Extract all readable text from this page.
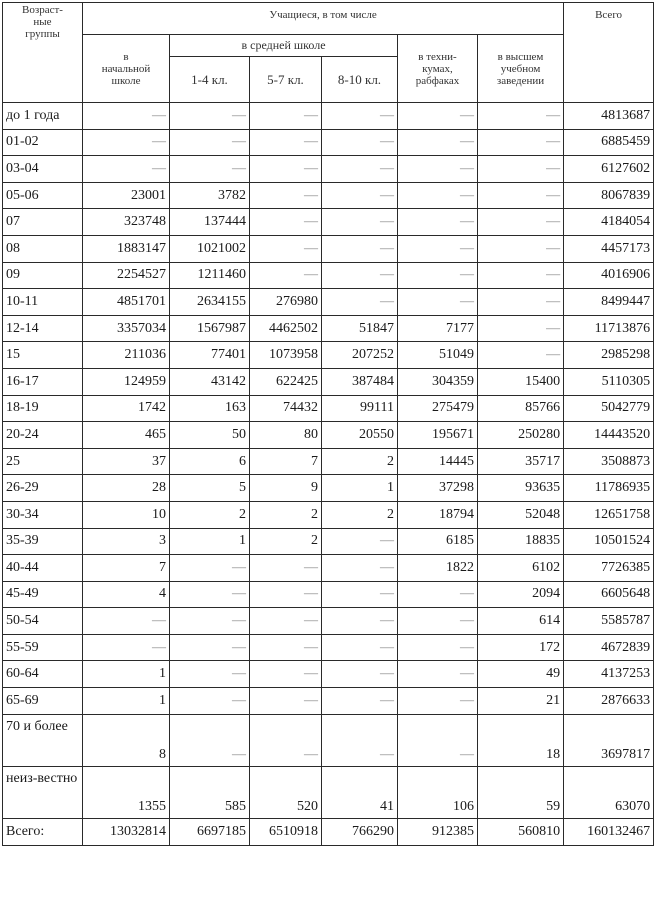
Возраст-
ные
группы	Учащиеся, в том числе						Всего
	в
начальной
школе	в средней школе			в техни-
кумах,
рабфаках	в высшем
учебном
заведении	
		1-4 кл.	5-7 кл.	8-10 кл.			
до 1 года	—	—	—	—	—	—	4813687
01-02	—	—	—	—	—	—	6885459
03-04	—	—	—	—	—	—	6127602
05-06	23001	3782	—	—	—	—	8067839
07	323748	137444	—	—	—	—	4184054
08	1883147	1021002	—	—	—	—	4457173
09	2254527	1211460	—	—	—	—	4016906
10-11	4851701	2634155	276980	—	—	—	8499447
12-14	3357034	1567987	4462502	51847	7177	—	11713876
15	211036	77401	1073958	207252	51049	—	2985298
16-17	124959	43142	622425	387484	304359	15400	5110305
18-19	1742	163	74432	99111	275479	85766	5042779
20-24	465	50	80	20550	195671	250280	14443520
25	37	6	7	2	14445	35717	3508873
26-29	28	5	9	1	37298	93635	11786935
30-34	10	2	2	2	18794	52048	12651758
35-39	3	1	2	—	6185	18835	10501524
40-44	7	—	—	—	1822	6102	7726385
45-49	4	—	—	—	—	2094	6605648
50-54	—	—	—	—	—	614	5585787
55-59	—	—	—	—	—	172	4672839
60-64	1	—	—	—	—	49	4137253
65-69	1	—	—	—	—	21	2876633
70 и более	8	—	—	—	—	18	3697817
неиз-вестно	1355	585	520	41	106	59	63070
Всего:	13032814	6697185	6510918	766290	912385	560810	160132467
